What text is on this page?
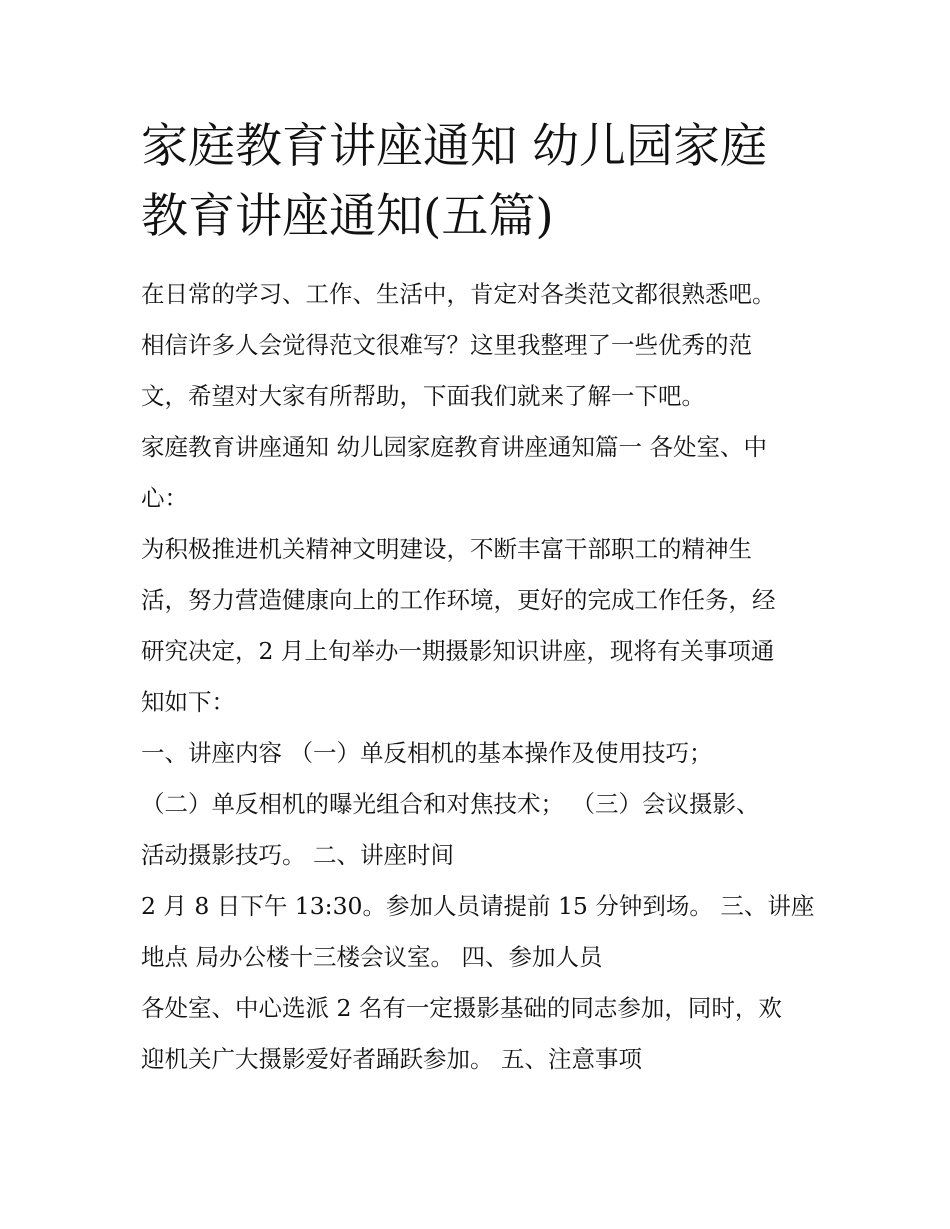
家庭教育讲座通知 幼儿园家庭
教育讲座通知(五篇)
在日常的学习、工作、生活中，肯定对各类范文都很熟悉吧。
相信许多人会觉得范文很难写？这里我整理了一些优秀的范
文，希望对大家有所帮助，下面我们就来了解一下吧。
家庭教育讲座通知 幼儿园家庭教育讲座通知篇一 各处室、中
心：
为积极推进机关精神文明建设，不断丰富干部职工的精神生
活，努力营造健康向上的工作环境，更好的完成工作任务，经
研究决定，2 月上旬举办一期摄影知识讲座，现将有关事项通
知如下：
一、讲座内容 （一）单反相机的基本操作及使用技巧；
（二）单反相机的曝光组合和对焦技术； （三）会议摄影、
活动摄影技巧。 二、讲座时间
2 月 8 日下午 13:30。参加人员请提前 15 分钟到场。 三、讲座
地点 局办公楼十三楼会议室。 四、参加人员
各处室、中心选派 2 名有一定摄影基础的同志参加，同时，欢
迎机关广大摄影爱好者踊跃参加。 五、注意事项
